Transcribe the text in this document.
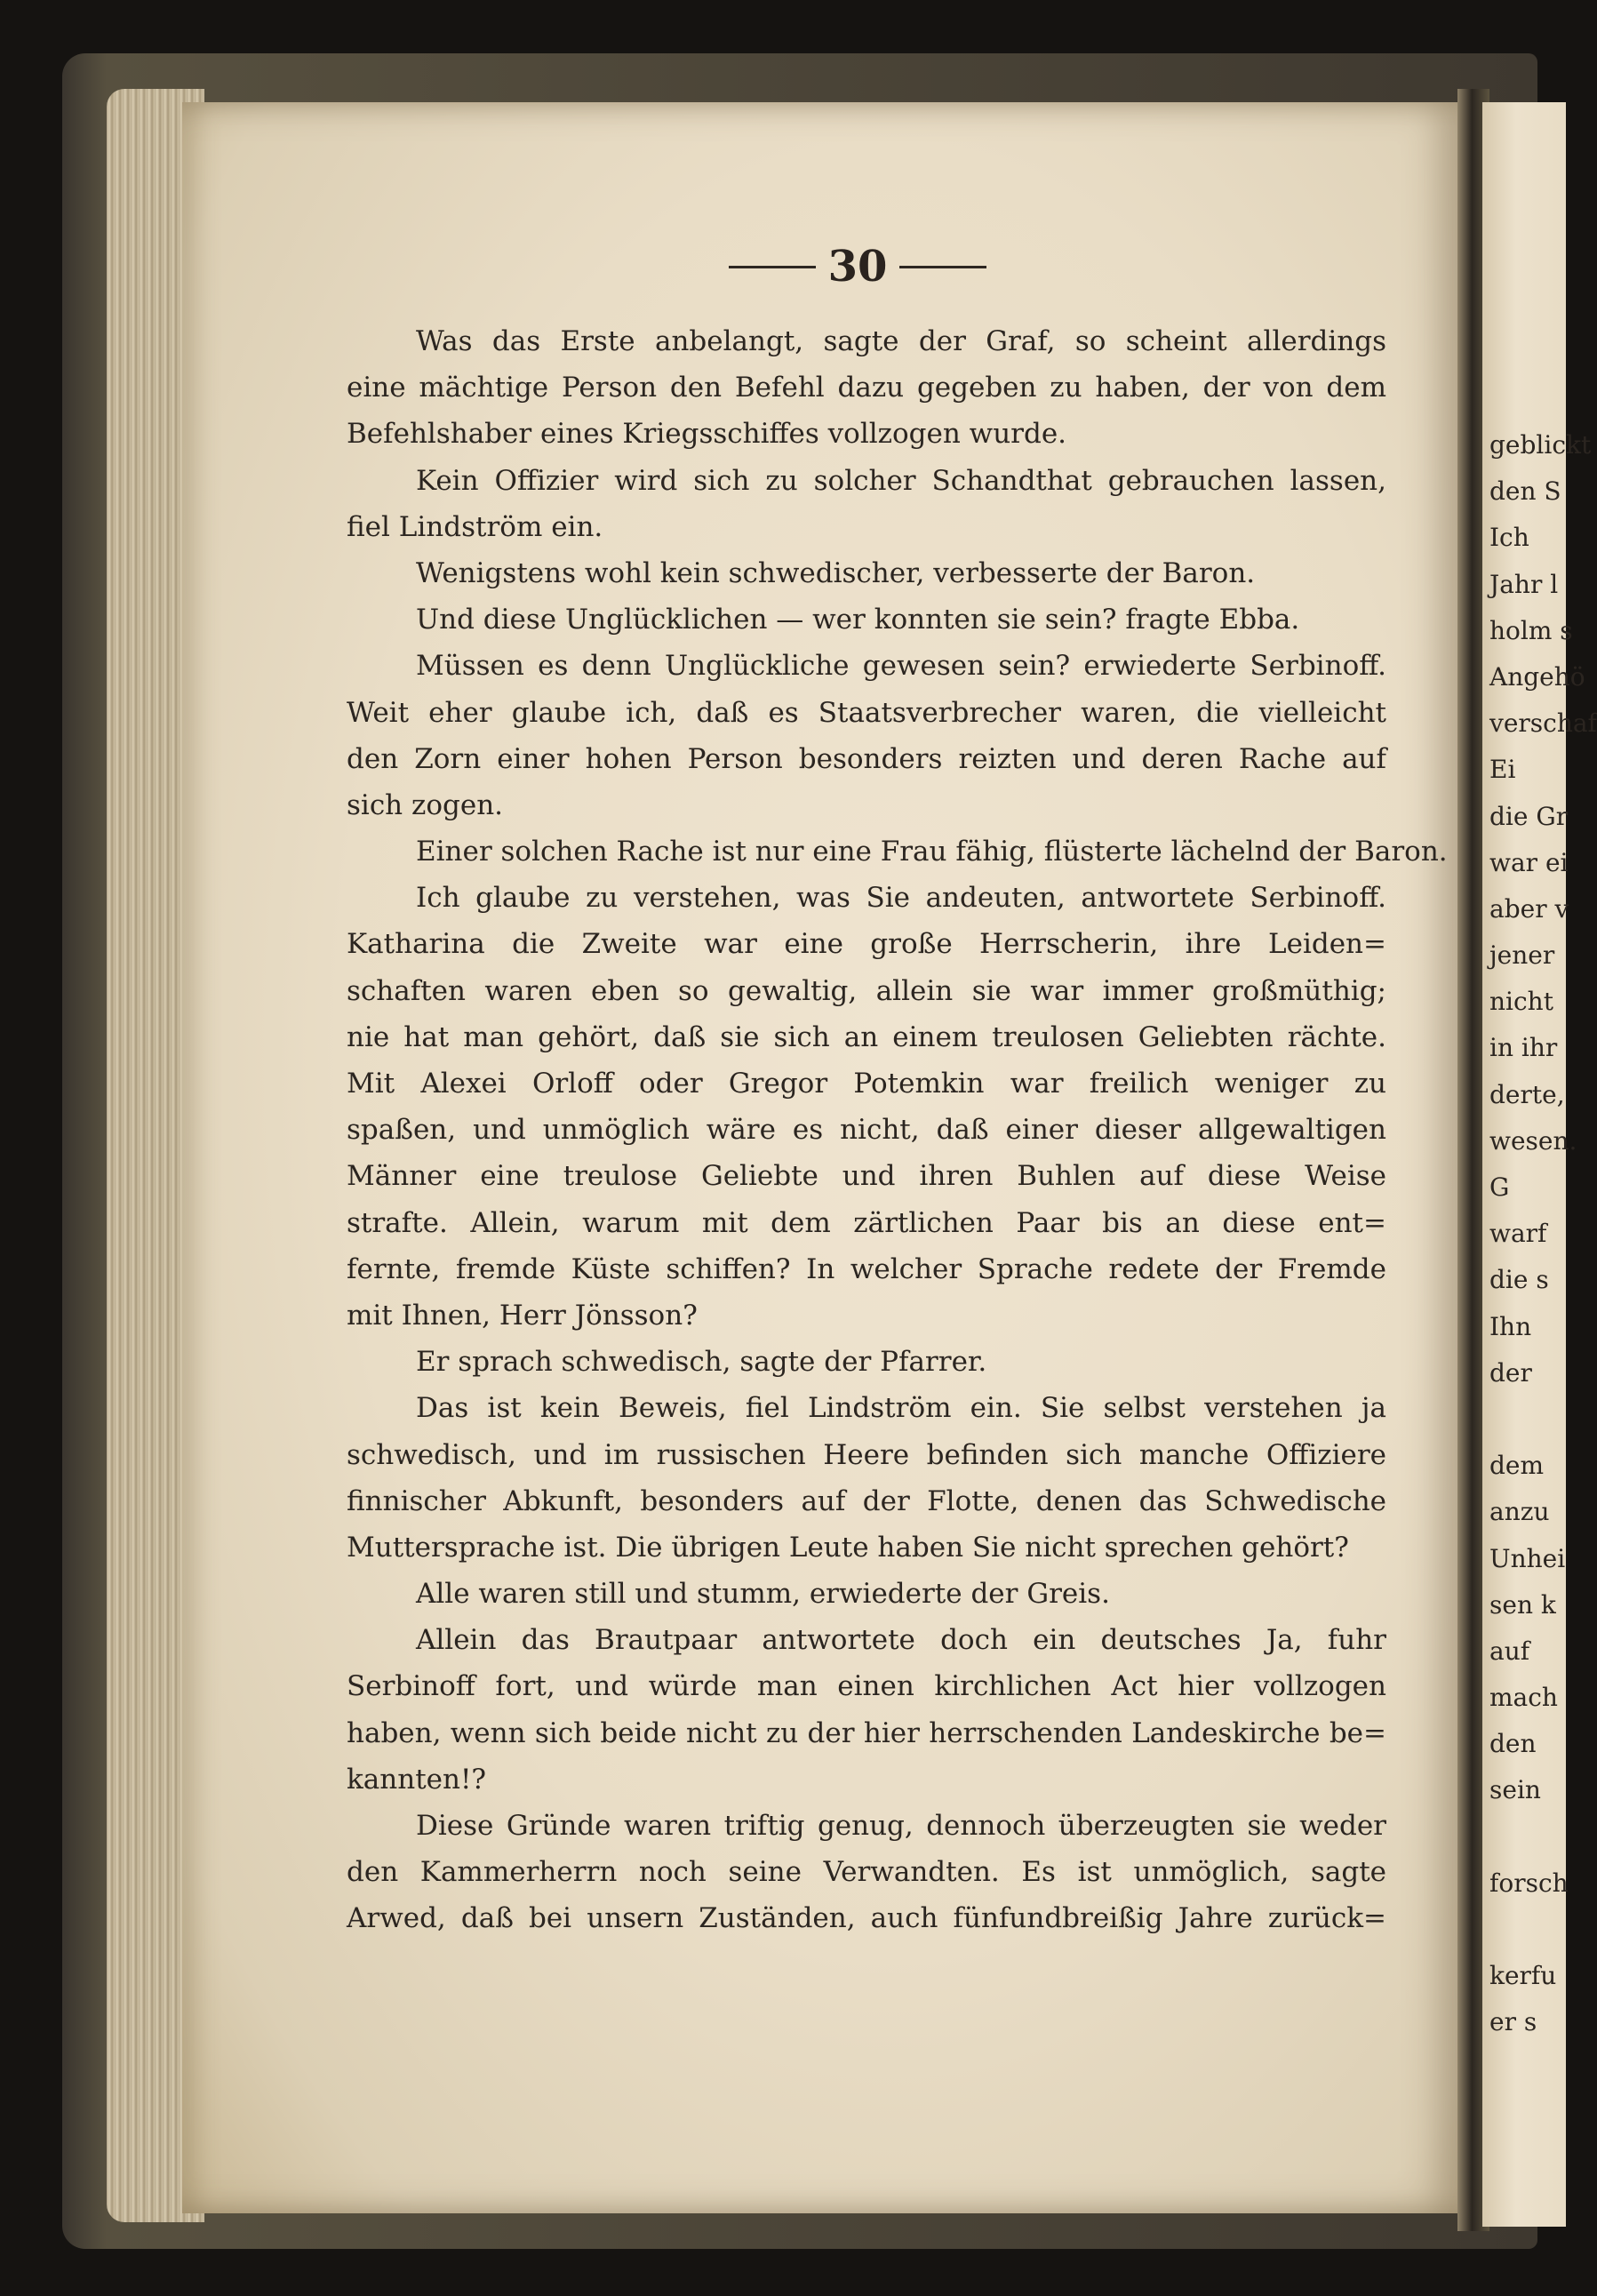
geblickt
den S
Ich
Jahr l
holm s
Angehö
verschaf
Ei
die Gr
war ei
aber v
jener
nicht
in ihr
derte,
wesen.
G
warf
die s
Ihn
der
dem
anzu
Unhei
sen k
auf
mach
den
sein
forsch
kerfu
er s
30
Was das Erste anbelangt, sagte der Graf, so scheint allerdings
eine mächtige Person den Befehl dazu gegeben zu haben, der von dem
Befehlshaber eines Kriegsschiffes vollzogen wurde.
Kein Offizier wird sich zu solcher Schandthat gebrauchen lassen,
fiel Lindström ein.
Wenigstens wohl kein schwedischer, verbesserte der Baron.
Und diese Unglücklichen — wer konnten sie sein? fragte Ebba.
Müssen es denn Unglückliche gewesen sein? erwiederte Serbinoff.
Weit eher glaube ich, daß es Staatsverbrecher waren, die vielleicht
den Zorn einer hohen Person besonders reizten und deren Rache auf
sich zogen.
Einer solchen Rache ist nur eine Frau fähig, flüsterte lächelnd der Baron.
Ich glaube zu verstehen, was Sie andeuten, antwortete Serbinoff.
Katharina die Zweite war eine große Herrscherin, ihre Leiden=
schaften waren eben so gewaltig, allein sie war immer großmüthig;
nie hat man gehört, daß sie sich an einem treulosen Geliebten rächte.
Mit Alexei Orloff oder Gregor Potemkin war freilich weniger zu
spaßen, und unmöglich wäre es nicht, daß einer dieser allgewaltigen
Männer eine treulose Geliebte und ihren Buhlen auf diese Weise
strafte. Allein, warum mit dem zärtlichen Paar bis an diese ent=
fernte, fremde Küste schiffen? In welcher Sprache redete der Fremde
mit Ihnen, Herr Jönsson?
Er sprach schwedisch, sagte der Pfarrer.
Das ist kein Beweis, fiel Lindström ein. Sie selbst verstehen ja
schwedisch, und im russischen Heere befinden sich manche Offiziere
finnischer Abkunft, besonders auf der Flotte, denen das Schwedische
Muttersprache ist. Die übrigen Leute haben Sie nicht sprechen gehört?
Alle waren still und stumm, erwiederte der Greis.
Allein das Brautpaar antwortete doch ein deutsches Ja, fuhr
Serbinoff fort, und würde man einen kirchlichen Act hier vollzogen
haben, wenn sich beide nicht zu der hier herrschenden Landeskirche be=
kannten!?
Diese Gründe waren triftig genug, dennoch überzeugten sie weder
den Kammerherrn noch seine Verwandten. Es ist unmöglich, sagte
Arwed, daß bei unsern Zuständen, auch fünfundbreißig Jahre zurück=
